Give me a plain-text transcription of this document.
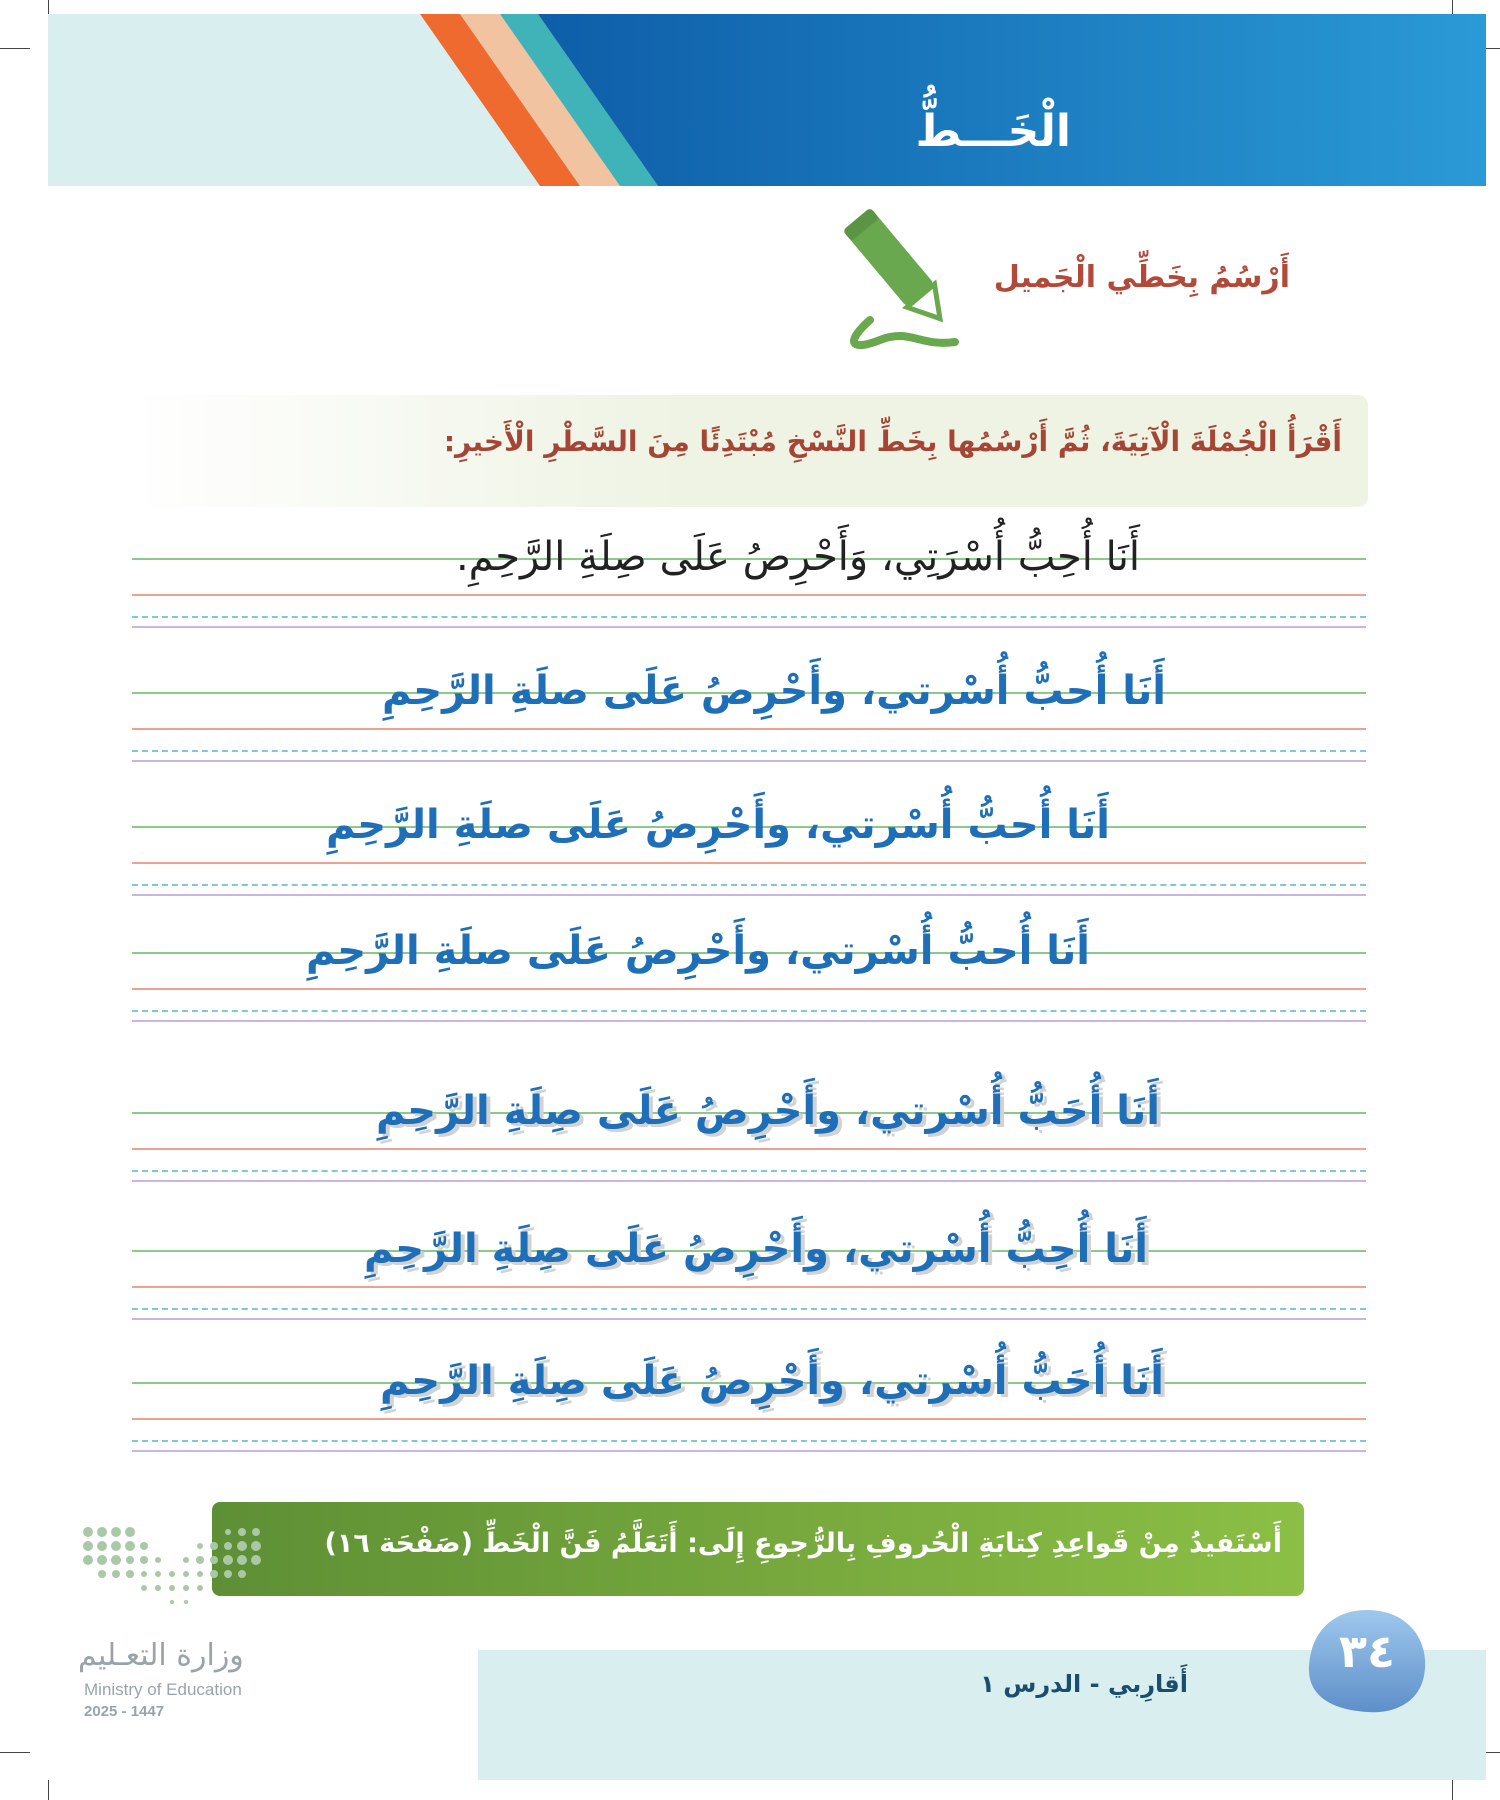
الْخَـــطُّ
أَرْسُمُ بِخَطِّي الْجَميل
أَقْرَأُ الْجُمْلَةَ الْآتِيَةَ، ثُمَّ أَرْسُمُها بِخَطِّ النَّسْخِ مُبْتَدِئًا مِنَ السَّطْرِ الْأَخيرِ:
أَنَا أُحِبُّ أُسْرَتِي، وَأَحْرِصُ عَلَى صِلَةِ الرَّحِمِ.
أَنَا أُحبُّ أُسْرتي، وأَحْرِصُ عَلَى صلَةِ الرَّحِمِ
أَنَا أُحبُّ أُسْرتي، وأَحْرِصُ عَلَى صلَةِ الرَّحِمِ
أَنَا أُحبُّ أُسْرتي، وأَحْرِصُ عَلَى صلَةِ الرَّحِمِ
أَنَا أُحَبُّ أُسْرتي، وأَحْرِصُ عَلَى صِلَةِ الرَّحِمِ
أَنَا أُحِبُّ أُسْرتي، وأَحْرِصُ عَلَى صِلَةِ الرَّحِمِ
أَنَا أُحَبُّ أُسْرتي، وأَحْرِصُ عَلَى صِلَةِ الرَّحِمِ
أَسْتَفيدُ مِنْ قَواعِدِ كِتابَةِ الْحُروفِ بِالرُّجوعِ إِلَى: أَتَعَلَّمُ فَنَّ الْخَطِّ (صَفْحَة ١٦)
٣٤
أَقارِبي - الدرس ١
وزارة التعـليم
Ministry of Education
2025 - 1447
